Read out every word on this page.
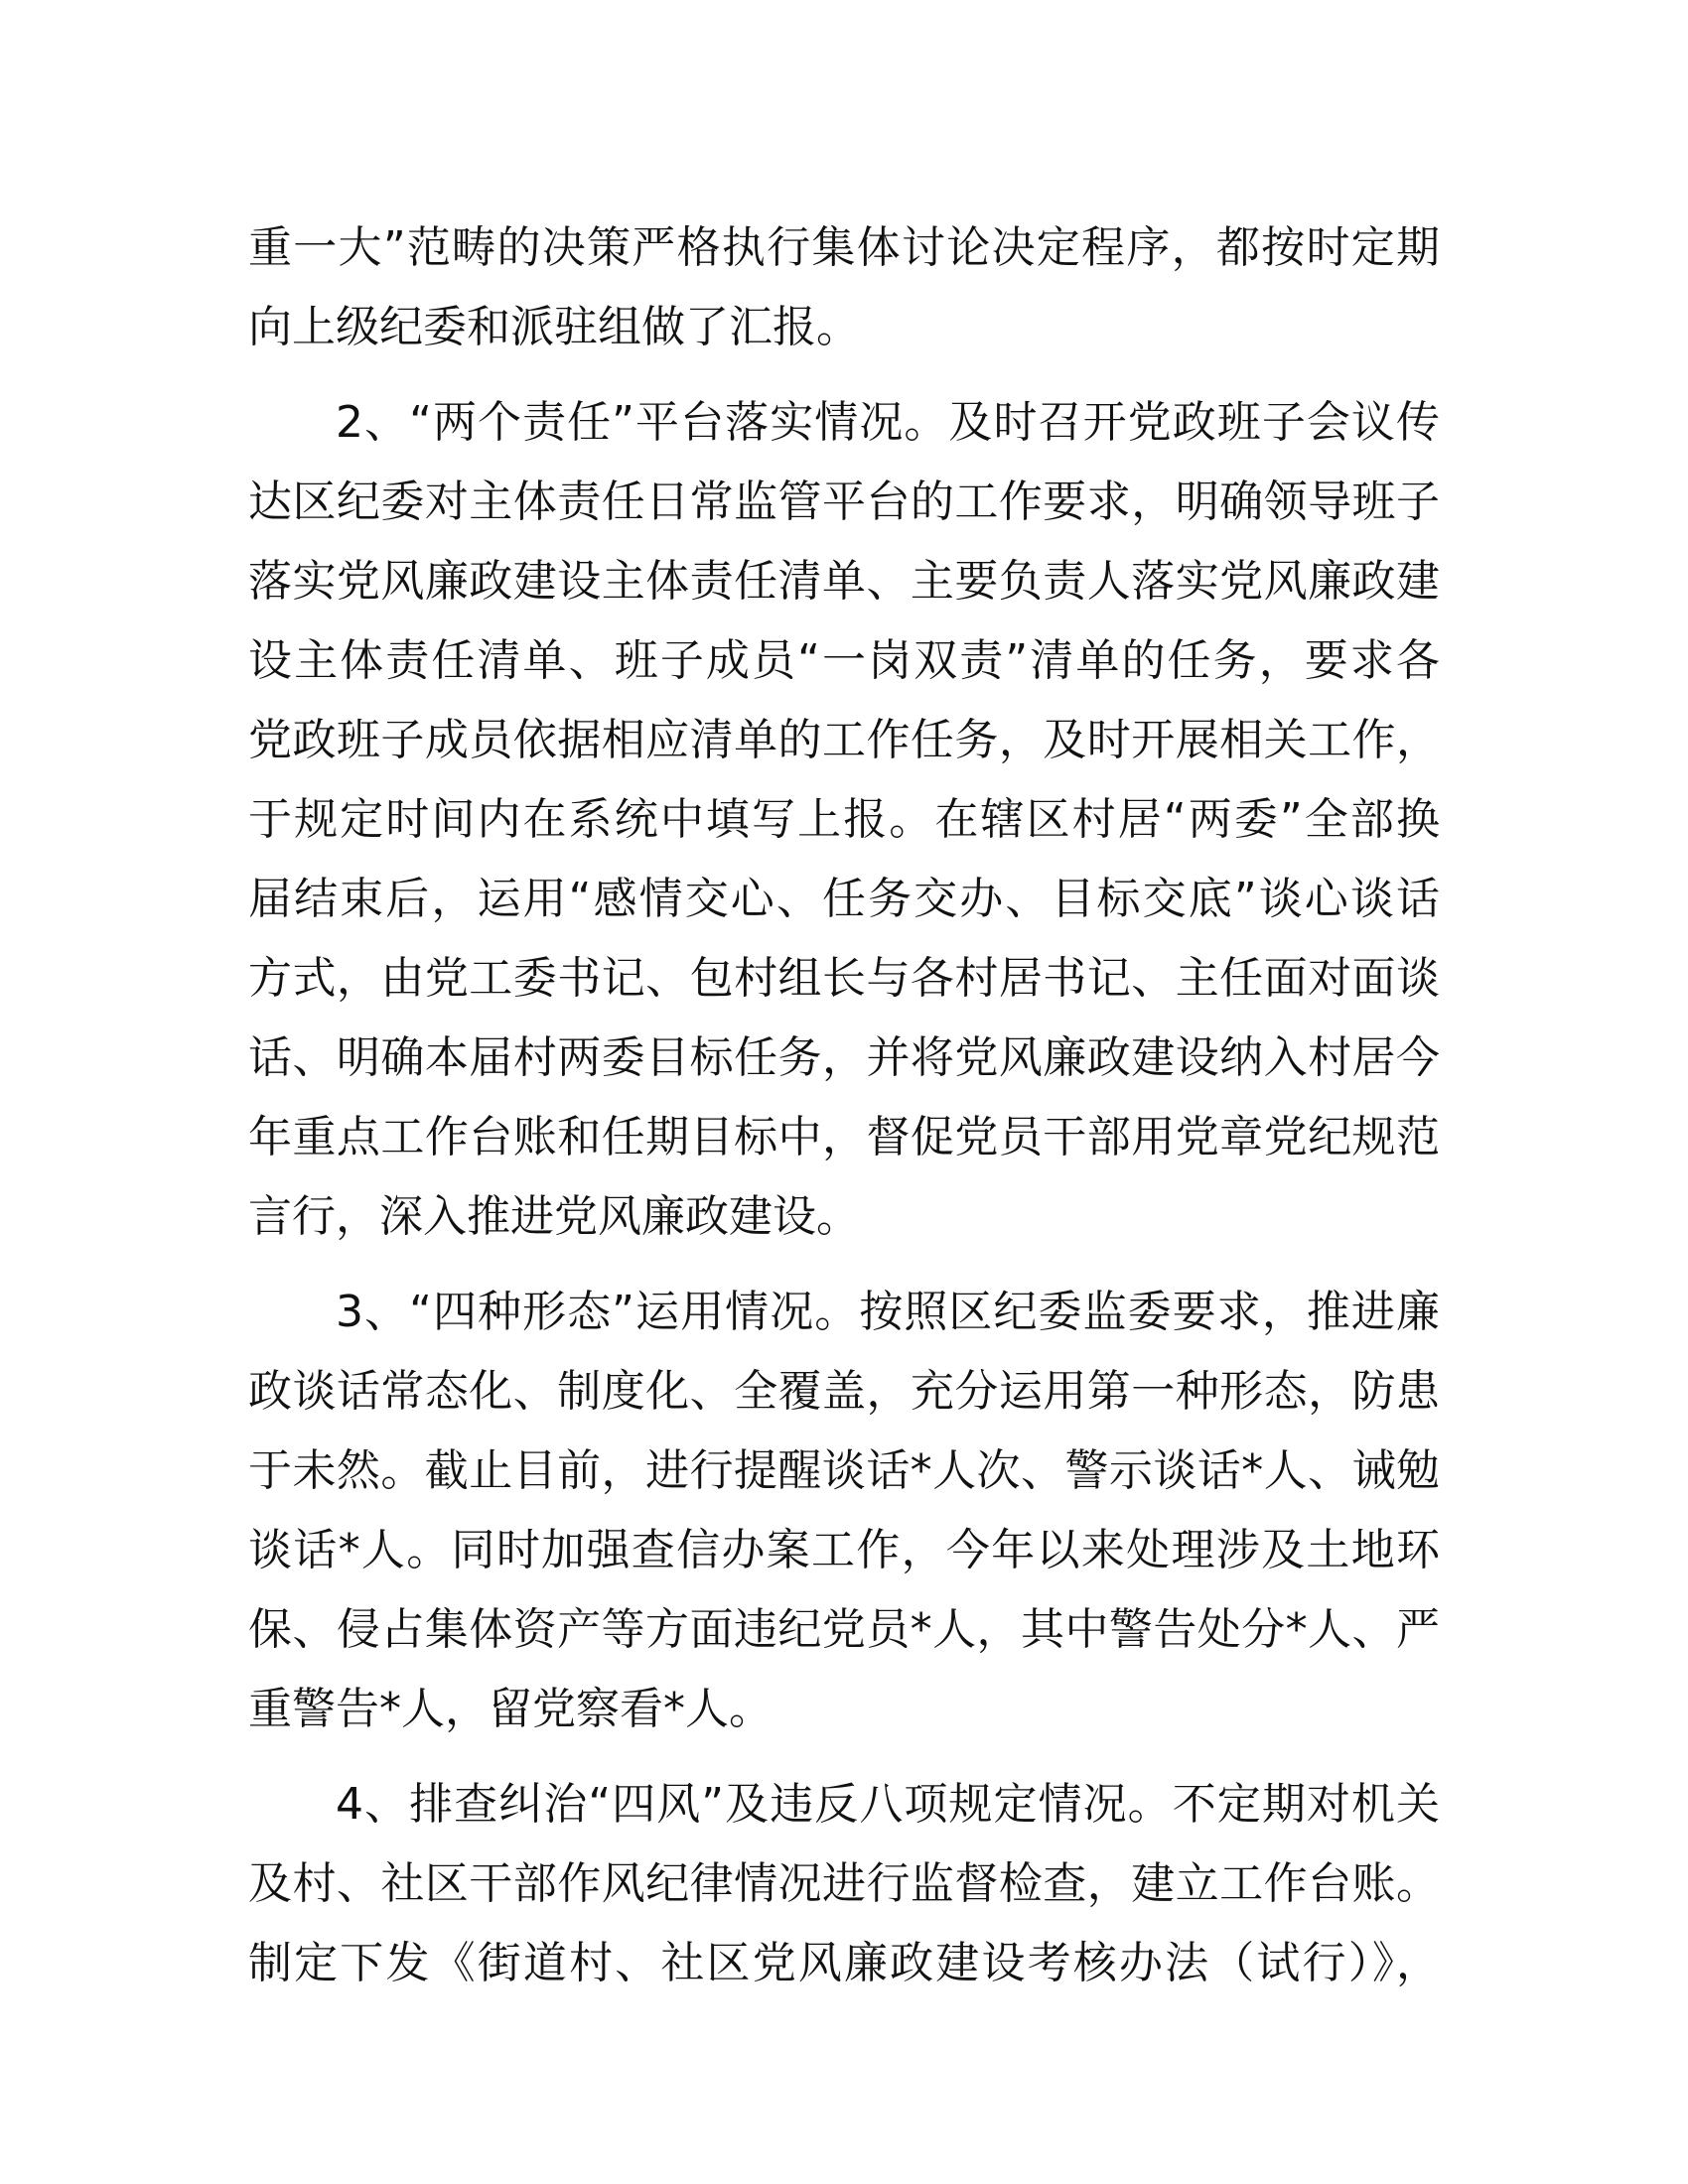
重一大”范畴的决策严格执行集体讨论决定程序，都按时定期
向上级纪委和派驻组做了汇报。
2、“两个责任”平台落实情况。及时召开党政班子会议传
达区纪委对主体责任日常监管平台的工作要求，明确领导班子
落实党风廉政建设主体责任清单、主要负责人落实党风廉政建
设主体责任清单、班子成员“一岗双责”清单的任务，要求各
党政班子成员依据相应清单的工作任务，及时开展相关工作，
于规定时间内在系统中填写上报。在辖区村居“两委”全部换
届结束后，运用“感情交心、任务交办、目标交底”谈心谈话
方式，由党工委书记、包村组长与各村居书记、主任面对面谈
话、明确本届村两委目标任务，并将党风廉政建设纳入村居今
年重点工作台账和任期目标中，督促党员干部用党章党纪规范
言行，深入推进党风廉政建设。
3、“四种形态”运用情况。按照区纪委监委要求，推进廉
政谈话常态化、制度化、全覆盖，充分运用第一种形态，防患
于未然。截止目前，进行提醒谈话*人次、警示谈话*人、诫勉
谈话*人。同时加强查信办案工作，今年以来处理涉及土地环
保、侵占集体资产等方面违纪党员*人，其中警告处分*人、严
重警告*人，留党察看*人。
4、排查纠治“四风”及违反八项规定情况。不定期对机关
及村、社区干部作风纪律情况进行监督检查，建立工作台账。
制定下发《街道村、社区党风廉政建设考核办法（试行）》，
